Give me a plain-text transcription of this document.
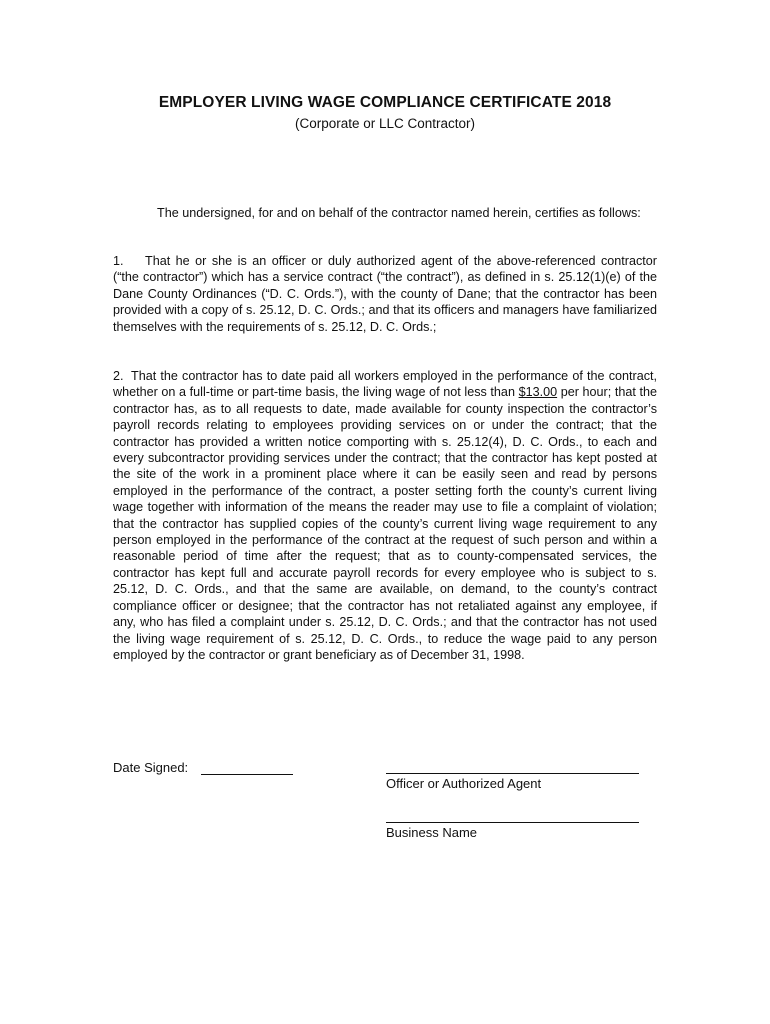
EMPLOYER LIVING WAGE COMPLIANCE CERTIFICATE 2018
(Corporate or LLC Contractor)
The undersigned, for and on behalf of the contractor named herein, certifies as follows:
1. That he or she is an officer or duly authorized agent of the above-referenced contractor (“the contractor”) which has a service contract (“the contract”), as defined in s. 25.12(1)(e) of the Dane County Ordinances (“D. C. Ords.”), with the county of Dane; that the contractor has been provided with a copy of s. 25.12, D. C. Ords.; and that its officers and managers have familiarized themselves with the requirements of s. 25.12, D. C. Ords.;
2. That the contractor has to date paid all workers employed in the performance of the contract, whether on a full-time or part-time basis, the living wage of not less than $13.00 per hour; that the contractor has, as to all requests to date, made available for county inspection the contractor’s payroll records relating to employees providing services on or under the contract; that the contractor has provided a written notice comporting with s. 25.12(4), D. C. Ords., to each and every subcontractor providing services under the contract; that the contractor has kept posted at the site of the work in a prominent place where it can be easily seen and read by persons employed in the performance of the contract, a poster setting forth the county’s current living wage together with information of the means the reader may use to file a complaint of violation; that the contractor has supplied copies of the county’s current living wage requirement to any person employed in the performance of the contract at the request of such person and within a reasonable period of time after the request; that as to county-compensated services, the contractor has kept full and accurate payroll records for every employee who is subject to s. 25.12, D. C. Ords., and that the same are available, on demand, to the county’s contract compliance officer or designee; that the contractor has not retaliated against any employee, if any, who has filed a complaint under s. 25.12, D. C. Ords.; and that the contractor has not used the living wage requirement of s. 25.12, D. C. Ords., to reduce the wage paid to any person employed by the contractor or grant beneficiary as of December 31, 1998.
Date Signed:
Officer or Authorized Agent
Business Name
